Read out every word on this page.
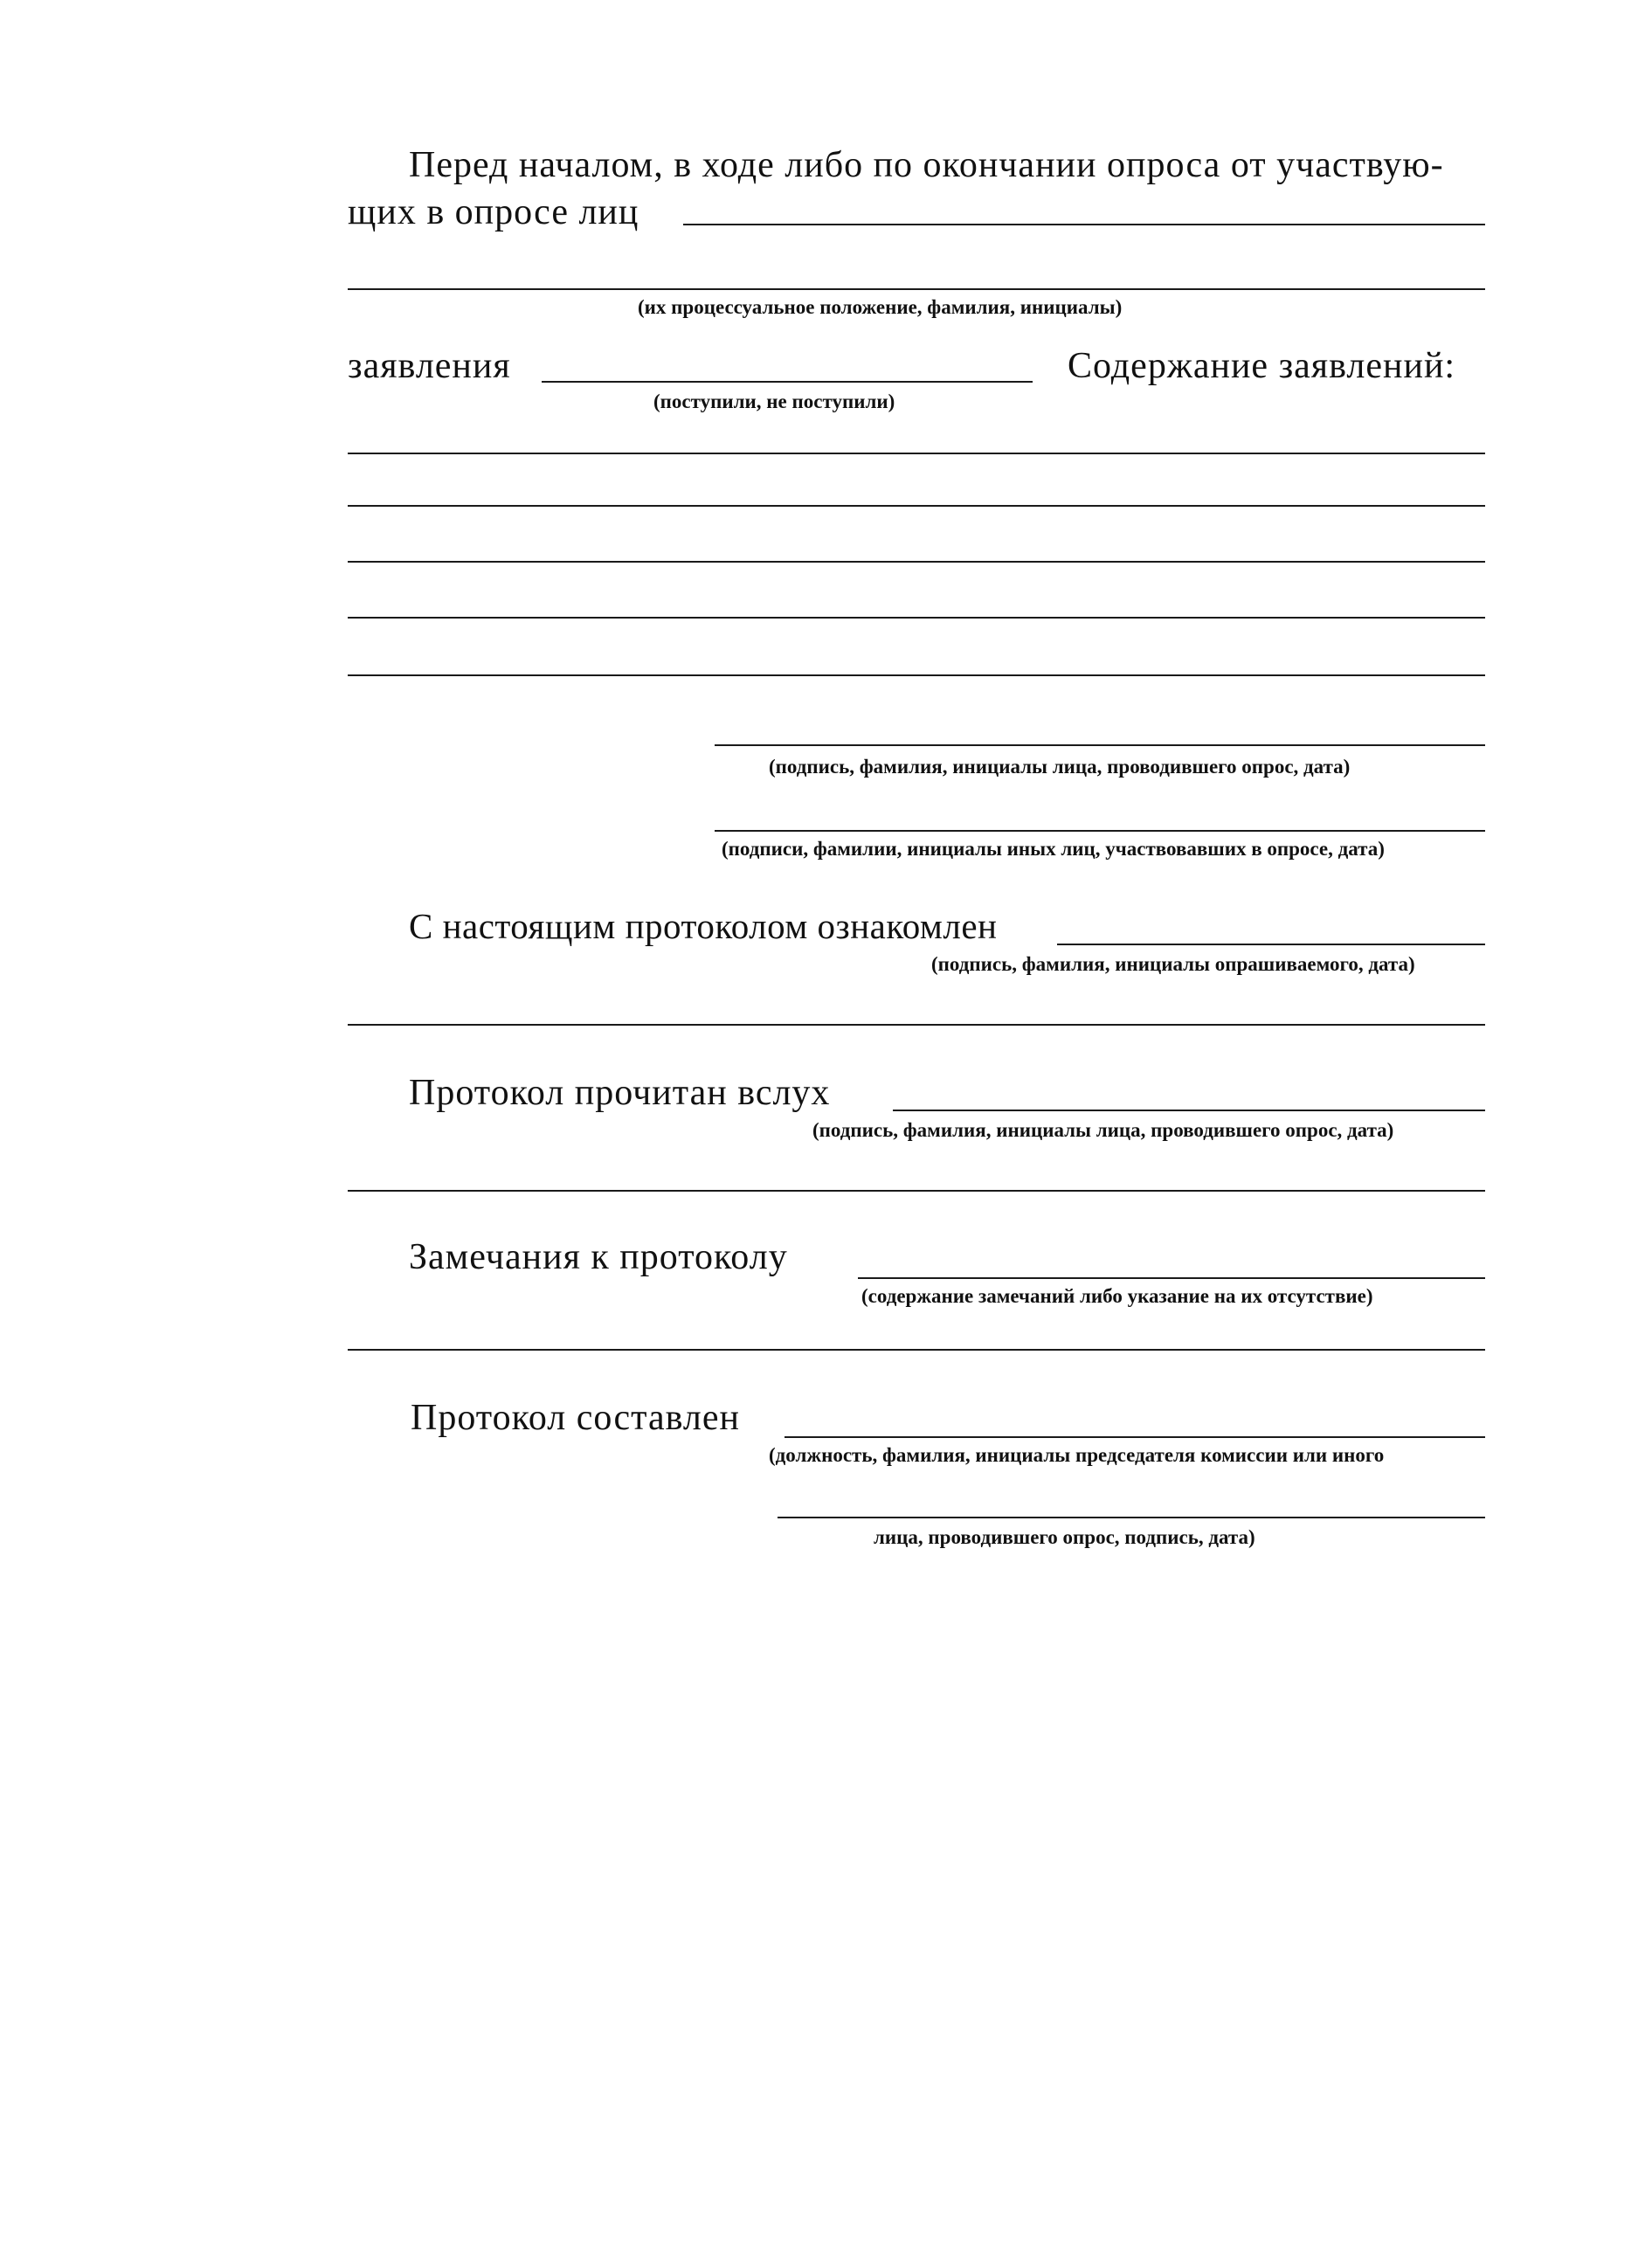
Перед началом, в ходе либо по окончании опроса от участвую-
щих в опросе лиц
(их процессуальное положение, фамилия, инициалы)
заявления	Содержание заявлений:
(поступили, не поступили)
(подпись, фамилия, инициалы лица, проводившего опрос, дата)
(подписи, фамилии, инициалы иных лиц, участвовавших в опросе, дата)
С настоящим протоколом ознакомлен
(подпись, фамилия, инициалы опрашиваемого, дата)
Протокол прочитан вслух
(подпись, фамилия, инициалы лица, проводившего опрос, дата)
Замечания к протоколу
(содержание замечаний либо указание на их отсутствие)
Протокол составлен
(должность, фамилия, инициалы председателя комиссии или иного
лица, проводившего опрос, подпись, дата)
